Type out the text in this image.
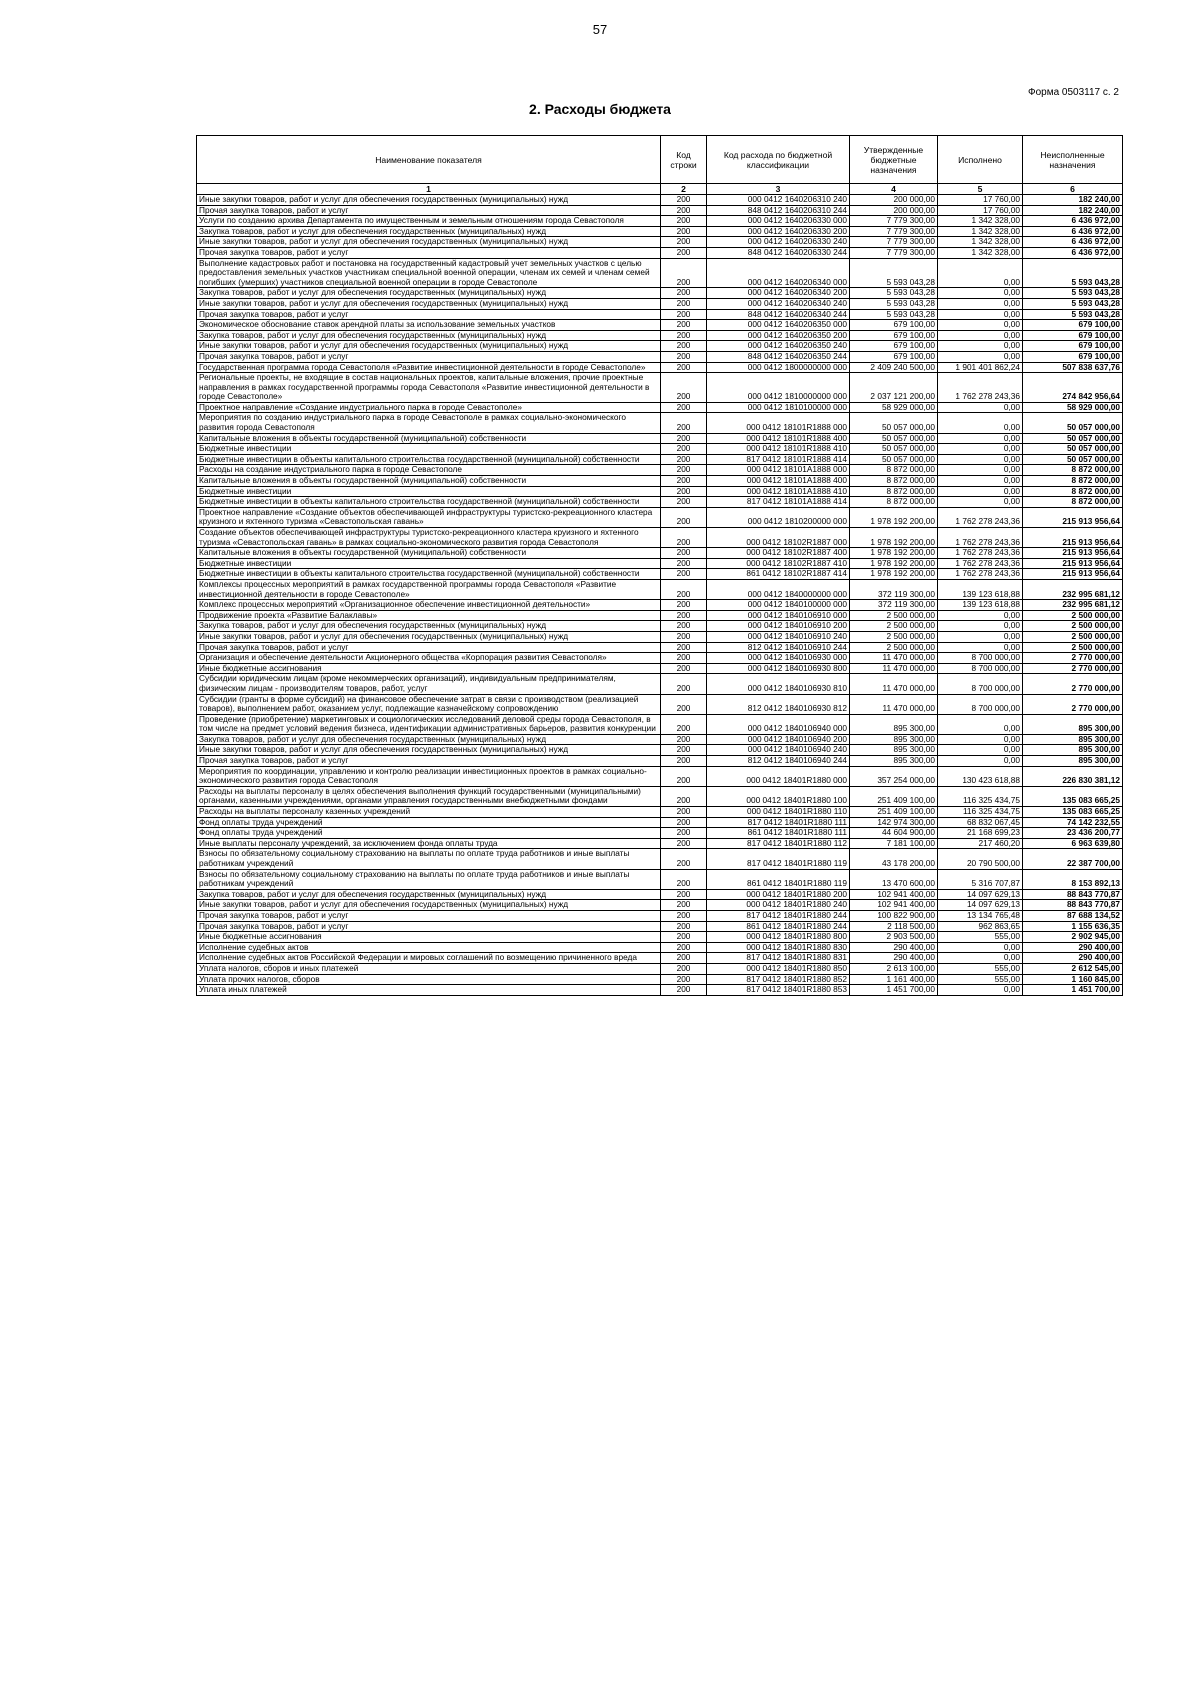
57
Форма 0503117 с. 2
2. Расходы бюджета
Наименование показателя	Код строки	Код расхода по бюджетной классификации	Утвержденные бюджетные назначения	Исполнено	Неисполненные назначения
1	2	3	4	5	6
Иные закупки товаров, работ и услуг для обеспечения государственных (муниципальных) нужд	200	000 0412 1640206310 240	200 000,00	17 760,00	182 240,00
Прочая закупка товаров, работ и услуг	200	848 0412 1640206310 244	200 000,00	17 760,00	182 240,00
Услуги по созданию архива Департамента по имущественным и земельным отношениям города Севастополя	200	000 0412 1640206330 000	7 779 300,00	1 342 328,00	6 436 972,00
Закупка товаров, работ и услуг для обеспечения государственных (муниципальных) нужд	200	000 0412 1640206330 200	7 779 300,00	1 342 328,00	6 436 972,00
Иные закупки товаров, работ и услуг для обеспечения государственных (муниципальных) нужд	200	000 0412 1640206330 240	7 779 300,00	1 342 328,00	6 436 972,00
Прочая закупка товаров, работ и услуг	200	848 0412 1640206330 244	7 779 300,00	1 342 328,00	6 436 972,00
Выполнение кадастровых работ и постановка на государственный кадастровый учет земельных участков с целью предоставления земельных участков участникам специальной военной операции, членам их семей и членам семей погибших (умерших) участников специальной военной операции в городе Севастополе	200	000 0412 1640206340 000	5 593 043,28	0,00	5 593 043,28
Закупка товаров, работ и услуг для обеспечения государственных (муниципальных) нужд	200	000 0412 1640206340 200	5 593 043,28	0,00	5 593 043,28
Иные закупки товаров, работ и услуг для обеспечения государственных (муниципальных) нужд	200	000 0412 1640206340 240	5 593 043,28	0,00	5 593 043,28
Прочая закупка товаров, работ и услуг	200	848 0412 1640206340 244	5 593 043,28	0,00	5 593 043,28
Экономическое обоснование ставок арендной платы за использование земельных участков	200	000 0412 1640206350 000	679 100,00	0,00	679 100,00
Закупка товаров, работ и услуг для обеспечения государственных (муниципальных) нужд	200	000 0412 1640206350 200	679 100,00	0,00	679 100,00
Иные закупки товаров, работ и услуг для обеспечения государственных (муниципальных) нужд	200	000 0412 1640206350 240	679 100,00	0,00	679 100,00
Прочая закупка товаров, работ и услуг	200	848 0412 1640206350 244	679 100,00	0,00	679 100,00
Государственная программа города Севастополя «Развитие инвестиционной деятельности в городе Севастополе»	200	000 0412 1800000000 000	2 409 240 500,00	1 901 401 862,24	507 838 637,76
Региональные проекты, не входящие в состав национальных проектов, капитальные вложения, прочие проектные направления в рамках государственной программы города Севастополя «Развитие инвестиционной деятельности в городе Севастополе»	200	000 0412 1810000000 000	2 037 121 200,00	1 762 278 243,36	274 842 956,64
Проектное направление «Создание индустриального парка в городе Севастополе»	200	000 0412 1810100000 000	58 929 000,00	0,00	58 929 000,00
Мероприятия по созданию индустриального парка в городе Севастополе в рамках социально-экономического развития города Севастополя	200	000 0412 18101R1888 000	50 057 000,00	0,00	50 057 000,00
Капитальные вложения в объекты государственной (муниципальной) собственности	200	000 0412 18101R1888 400	50 057 000,00	0,00	50 057 000,00
Бюджетные инвестиции	200	000 0412 18101R1888 410	50 057 000,00	0,00	50 057 000,00
Бюджетные инвестиции в объекты капитального строительства государственной (муниципальной) собственности	200	817 0412 18101R1888 414	50 057 000,00	0,00	50 057 000,00
Расходы на создание индустриального парка в городе Севастополе	200	000 0412 18101A1888 000	8 872 000,00	0,00	8 872 000,00
Капитальные вложения в объекты государственной (муниципальной) собственности	200	000 0412 18101A1888 400	8 872 000,00	0,00	8 872 000,00
Бюджетные инвестиции	200	000 0412 18101A1888 410	8 872 000,00	0,00	8 872 000,00
Бюджетные инвестиции в объекты капитального строительства государственной (муниципальной) собственности	200	817 0412 18101A1888 414	8 872 000,00	0,00	8 872 000,00
Проектное направление «Создание объектов обеспечивающей инфраструктуры туристско-рекреационного кластера круизного и яхтенного туризма «Севастопольская гавань»	200	000 0412 1810200000 000	1 978 192 200,00	1 762 278 243,36	215 913 956,64
Создание объектов обеспечивающей инфраструктуры туристско-рекреационного кластера круизного и яхтенного туризма «Севастопольская гавань» в рамках социально-экономического развития города Севастополя	200	000 0412 18102R1887 000	1 978 192 200,00	1 762 278 243,36	215 913 956,64
Капитальные вложения в объекты государственной (муниципальной) собственности	200	000 0412 18102R1887 400	1 978 192 200,00	1 762 278 243,36	215 913 956,64
Бюджетные инвестиции	200	000 0412 18102R1887 410	1 978 192 200,00	1 762 278 243,36	215 913 956,64
Бюджетные инвестиции в объекты капитального строительства государственной (муниципальной) собственности	200	861 0412 18102R1887 414	1 978 192 200,00	1 762 278 243,36	215 913 956,64
Комплексы процессных мероприятий в рамках государственной программы города Севастополя «Развитие инвестиционной деятельности в городе Севастополе»	200	000 0412 1840000000 000	372 119 300,00	139 123 618,88	232 995 681,12
Комплекс процессных мероприятий «Организационное обеспечение инвестиционной деятельности»	200	000 0412 1840100000 000	372 119 300,00	139 123 618,88	232 995 681,12
Продвижение проекта «Развитие Балаклавы»	200	000 0412 1840106910 000	2 500 000,00	0,00	2 500 000,00
Закупка товаров, работ и услуг для обеспечения государственных (муниципальных) нужд	200	000 0412 1840106910 200	2 500 000,00	0,00	2 500 000,00
Иные закупки товаров, работ и услуг для обеспечения государственных (муниципальных) нужд	200	000 0412 1840106910 240	2 500 000,00	0,00	2 500 000,00
Прочая закупка товаров, работ и услуг	200	812 0412 1840106910 244	2 500 000,00	0,00	2 500 000,00
Организация и обеспечение деятельности Акционерного общества «Корпорация развития Севастополя»	200	000 0412 1840106930 000	11 470 000,00	8 700 000,00	2 770 000,00
Иные бюджетные ассигнования	200	000 0412 1840106930 800	11 470 000,00	8 700 000,00	2 770 000,00
Субсидии юридическим лицам (кроме некоммерческих организаций), индивидуальным предпринимателям, физическим лицам - производителям товаров, работ, услуг	200	000 0412 1840106930 810	11 470 000,00	8 700 000,00	2 770 000,00
Субсидии (гранты в форме субсидий) на финансовое обеспечение затрат в связи с производством (реализацией товаров), выполнением работ, оказанием услуг, подлежащие казначейскому сопровождению	200	812 0412 1840106930 812	11 470 000,00	8 700 000,00	2 770 000,00
Проведение (приобретение) маркетинговых и социологических исследований деловой среды города Севастополя, в том числе на предмет условий ведения бизнеса, идентификации административных барьеров, развития конкуренции	200	000 0412 1840106940 000	895 300,00	0,00	895 300,00
Закупка товаров, работ и услуг для обеспечения государственных (муниципальных) нужд	200	000 0412 1840106940 200	895 300,00	0,00	895 300,00
Иные закупки товаров, работ и услуг для обеспечения государственных (муниципальных) нужд	200	000 0412 1840106940 240	895 300,00	0,00	895 300,00
Прочая закупка товаров, работ и услуг	200	812 0412 1840106940 244	895 300,00	0,00	895 300,00
Мероприятия по координации, управлению и контролю реализации инвестиционных проектов в рамках социально-экономического развития города Севастополя	200	000 0412 18401R1880 000	357 254 000,00	130 423 618,88	226 830 381,12
Расходы на выплаты персоналу в целях обеспечения выполнения функций государственными (муниципальными) органами, казенными учреждениями, органами управления государственными внебюджетными фондами	200	000 0412 18401R1880 100	251 409 100,00	116 325 434,75	135 083 665,25
Расходы на выплаты персоналу казенных учреждений	200	000 0412 18401R1880 110	251 409 100,00	116 325 434,75	135 083 665,25
Фонд оплаты труда учреждений	200	817 0412 18401R1880 111	142 974 300,00	68 832 067,45	74 142 232,55
Фонд оплаты труда учреждений	200	861 0412 18401R1880 111	44 604 900,00	21 168 699,23	23 436 200,77
Иные выплаты персоналу учреждений, за исключением фонда оплаты труда	200	817 0412 18401R1880 112	7 181 100,00	217 460,20	6 963 639,80
Взносы по обязательному социальному страхованию на выплаты по оплате труда работников и иные выплаты работникам учреждений	200	817 0412 18401R1880 119	43 178 200,00	20 790 500,00	22 387 700,00
Взносы по обязательному социальному страхованию на выплаты по оплате труда работников и иные выплаты работникам учреждений	200	861 0412 18401R1880 119	13 470 600,00	5 316 707,87	8 153 892,13
Закупка товаров, работ и услуг для обеспечения государственных (муниципальных) нужд	200	000 0412 18401R1880 200	102 941 400,00	14 097 629,13	88 843 770,87
Иные закупки товаров, работ и услуг для обеспечения государственных (муниципальных) нужд	200	000 0412 18401R1880 240	102 941 400,00	14 097 629,13	88 843 770,87
Прочая закупка товаров, работ и услуг	200	817 0412 18401R1880 244	100 822 900,00	13 134 765,48	87 688 134,52
Прочая закупка товаров, работ и услуг	200	861 0412 18401R1880 244	2 118 500,00	962 863,65	1 155 636,35
Иные бюджетные ассигнования	200	000 0412 18401R1880 800	2 903 500,00	555,00	2 902 945,00
Исполнение судебных актов	200	000 0412 18401R1880 830	290 400,00	0,00	290 400,00
Исполнение судебных актов Российской Федерации и мировых соглашений по возмещению причиненного вреда	200	817 0412 18401R1880 831	290 400,00	0,00	290 400,00
Уплата налогов, сборов и иных платежей	200	000 0412 18401R1880 850	2 613 100,00	555,00	2 612 545,00
Уплата прочих налогов, сборов	200	817 0412 18401R1880 852	1 161 400,00	555,00	1 160 845,00
Уплата иных платежей	200	817 0412 18401R1880 853	1 451 700,00	0,00	1 451 700,00
